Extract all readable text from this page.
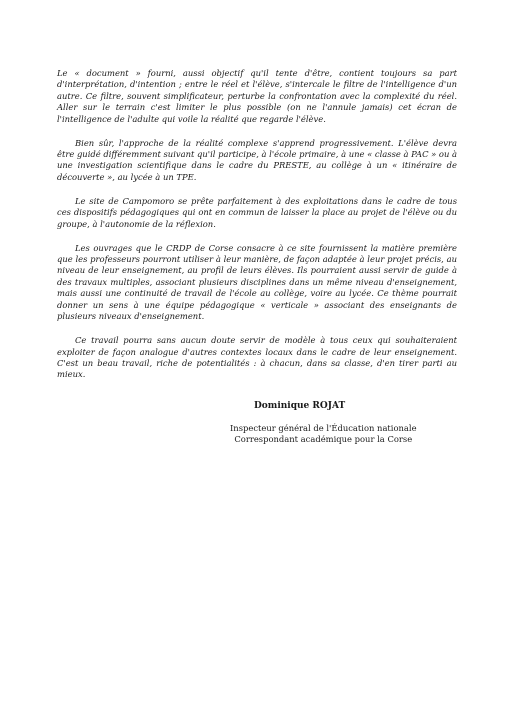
Le « document » fourni, aussi objectif qu'il tente d'être, contient toujours sa part d'interprétation, d'intention ; entre le réel et l'élève, s'intercale le filtre de l'intelligence d'un autre. Ce filtre, souvent simplificateur, perturbe la confrontation avec la complexité du réel. Aller sur le terrain c'est limiter le plus possible (on ne l'annule jamais) cet écran de l'intelligence de l'adulte qui voile la réalité que regarde l'élève.

Bien sûr, l'approche de la réalité complexe s'apprend progressivement. L'élève devra être guidé différemment suivant qu'il participe, à l'école primaire, à une « classe à PAC » ou à une investigation scientifique dans le cadre du PRESTE, au collège à un « itinéraire de découverte », au lycée à un TPE.

Le site de Campomoro se prête parfaitement à des exploitations dans le cadre de tous ces dispositifs pédagogiques qui ont en commun de laisser la place au projet de l'élève ou du groupe, à l'autonomie de la réflexion.

Les ouvrages que le CRDP de Corse consacre à ce site fournissent la matière première que les professeurs pourront utiliser à leur manière, de façon adaptée à leur projet précis, au niveau de leur enseignement, au profil de leurs élèves. Ils pourraient aussi servir de guide à des travaux multiples, associant plusieurs disciplines dans un même niveau d'enseignement, mais aussi une continuité de travail de l'école au collège, voire au lycée. Ce thème pourrait donner un sens à une équipe pédagogique « verticale » associant des enseignants de plusieurs niveaux d'enseignement.

Ce travail pourra sans aucun doute servir de modèle à tous ceux qui souhaiteraient exploiter de façon analogue d'autres contextes locaux dans le cadre de leur enseignement. C'est un beau travail, riche de potentialités : à chacun, dans sa classe, d'en tirer parti au mieux.

Dominique ROJAT
Inspecteur général de l'Éducation nationale
Correspondant académique pour la Corse
